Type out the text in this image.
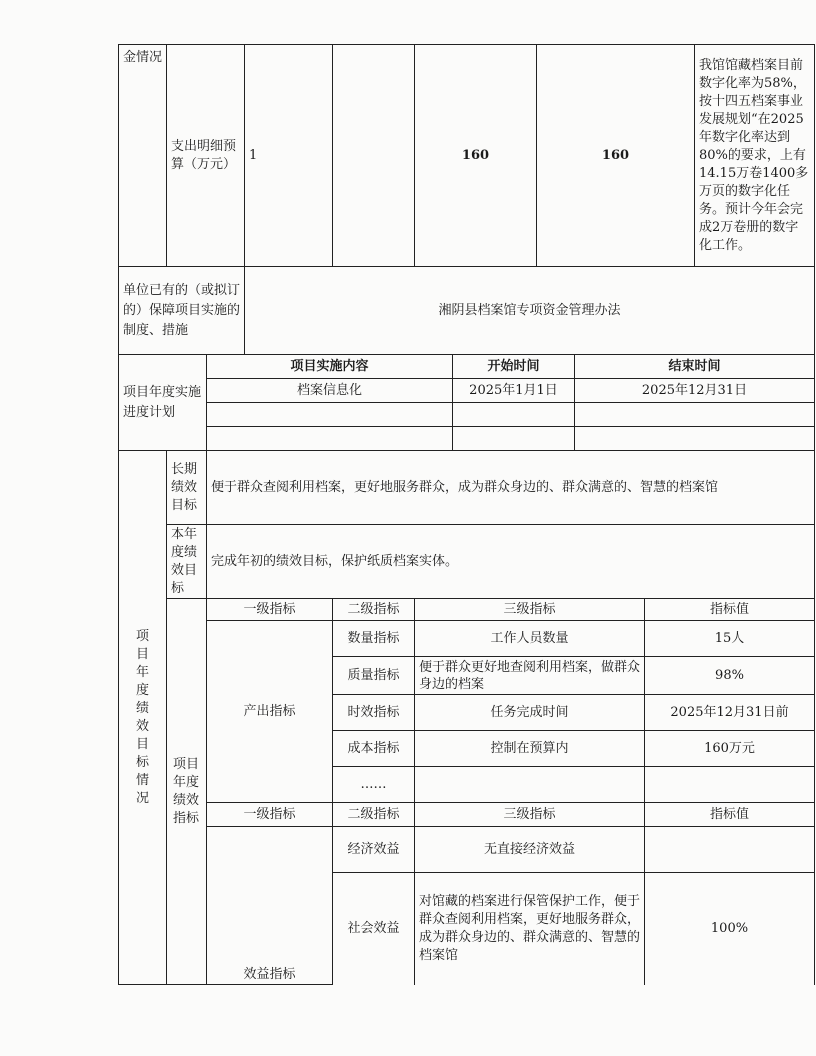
金情况	支出明细预算（万元）		1		160		160			我馆馆藏档案目前数字化率为58%，按十四五档案事业发展规划“在2025年数字化率达到80%的要求，上有14.15万卷1400多万页的数字化任务。预计今年会完成2万卷册的数字化工作。
单位已有的（或拟订的）保障项目实施的制度、措施			湘阴县档案馆专项资金管理办法							
项目年度实施进度计划		项目实施内容				开始时间		结束时间		
		档案信息化				2025年1月1日		2025年12月31日		

项目年度绩效目标情况	长期绩效目标	便于群众查阅利用档案，更好地服务群众，成为群众身边的、群众满意的、智慧的档案馆								
	本年度绩效目标	完成年初的绩效目标，保护纸质档案实体。								
	项目年度绩效指标	一级指标		二级指标	三级指标				指标值	
		产出指标		数量指标	工作人员数量				15人	
				质量指标	便于群众更好地查阅利用档案，做群众身边的档案				98%	
				时效指标	任务完成时间				2025年12月31日前	
				成本指标	控制在预算内				160万元	
				……						
		一级指标		二级指标	三级指标				指标值	
		效益指标		经济效益	无直接经济效益					
				社会效益	对馆藏的档案进行保管保护工作，便于群众查阅利用档案，更好地服务群众，成为群众身边的、群众满意的、智慧的档案馆				100%	
